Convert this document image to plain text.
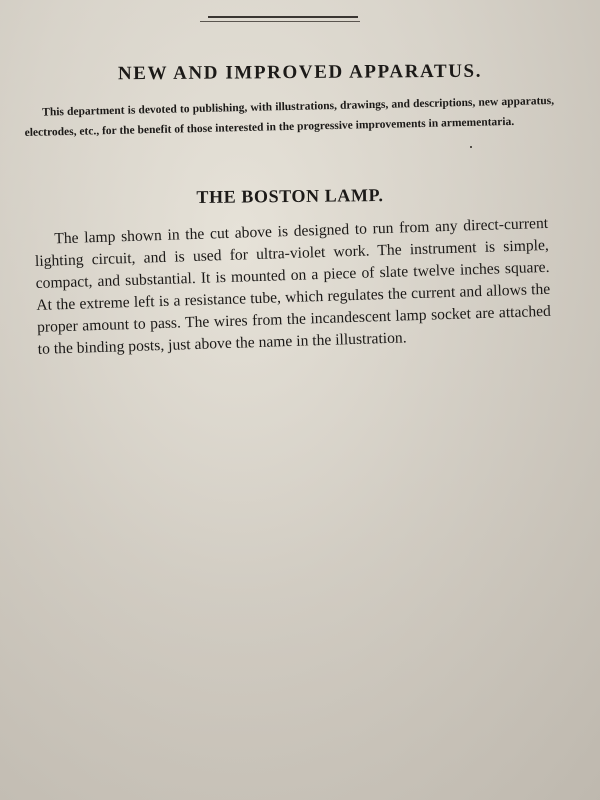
NEW AND IMPROVED APPARATUS.

This department is devoted to publishing, with illustrations, drawings, and descriptions, new apparatus, electrodes, etc., for the benefit of those interested in the progressive improvements in armementaria.

THE BOSTON LAMP.

The lamp shown in the cut above is designed to run from any direct-current lighting circuit, and is used for ultra-violet work. The instrument is simple, compact, and substantial. It is mounted on a piece of slate twelve inches square. At the extreme left is a resistance tube, which regulates the current and allows the proper amount to pass. The wires from the incandescent lamp socket are attached to the binding posts, just above the name in the illustration.
